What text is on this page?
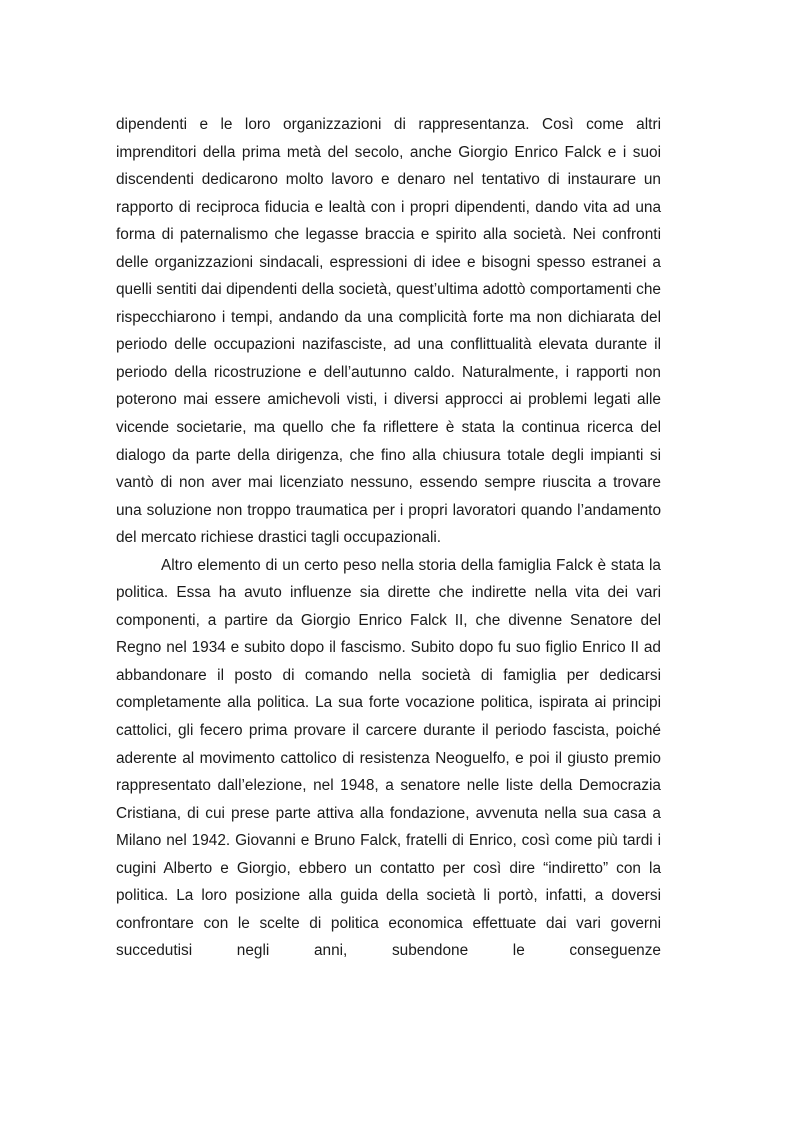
dipendenti e le loro organizzazioni di rappresentanza. Così come altri imprenditori della prima metà del secolo, anche Giorgio Enrico Falck e i suoi discendenti dedicarono molto lavoro e denaro nel tentativo di instaurare un rapporto di reciproca fiducia e lealtà con i propri dipendenti, dando vita ad una forma di paternalismo che legasse braccia e spirito alla società. Nei confronti delle organizzazioni sindacali, espressioni di idee e bisogni spesso estranei a quelli sentiti dai dipendenti della società, quest’ultima adottò comportamenti che rispecchiarono i tempi, andando da una complicità forte ma non dichiarata del periodo delle occupazioni nazifasciste, ad una conflittualità elevata durante il periodo della ricostruzione e dell’autunno caldo. Naturalmente, i rapporti non poterono mai essere amichevoli visti, i diversi approcci ai problemi legati alle vicende societarie, ma quello che fa riflettere è stata la continua ricerca del dialogo da parte della dirigenza, che fino alla chiusura totale degli impianti si vantò di non aver mai licenziato nessuno, essendo sempre riuscita a trovare una soluzione non troppo traumatica per i propri lavoratori quando l’andamento del mercato richiese drastici tagli occupazionali.

Altro elemento di un certo peso nella storia della famiglia Falck è stata la politica. Essa ha avuto influenze sia dirette che indirette nella vita dei vari componenti, a partire da Giorgio Enrico Falck II, che divenne Senatore del Regno nel 1934 e subito dopo il fascismo. Subito dopo fu suo figlio Enrico II ad abbandonare il posto di comando nella società di famiglia per dedicarsi completamente alla politica. La sua forte vocazione politica, ispirata ai principi cattolici, gli fecero prima provare il carcere durante il periodo fascista, poiché aderente al movimento cattolico di resistenza Neoguelfo, e poi il giusto premio rappresentato dall’elezione, nel 1948, a senatore nelle liste della Democrazia Cristiana, di cui prese parte attiva alla fondazione, avvenuta nella sua casa a Milano nel 1942. Giovanni e Bruno Falck, fratelli di Enrico, così come più tardi i cugini Alberto e Giorgio, ebbero un contatto per così dire “indiretto” con la politica. La loro posizione alla guida della società li portò, infatti, a doversi confrontare con le scelte di politica economica effettuate dai vari governi succedutisi negli anni, subendone le conseguenze
